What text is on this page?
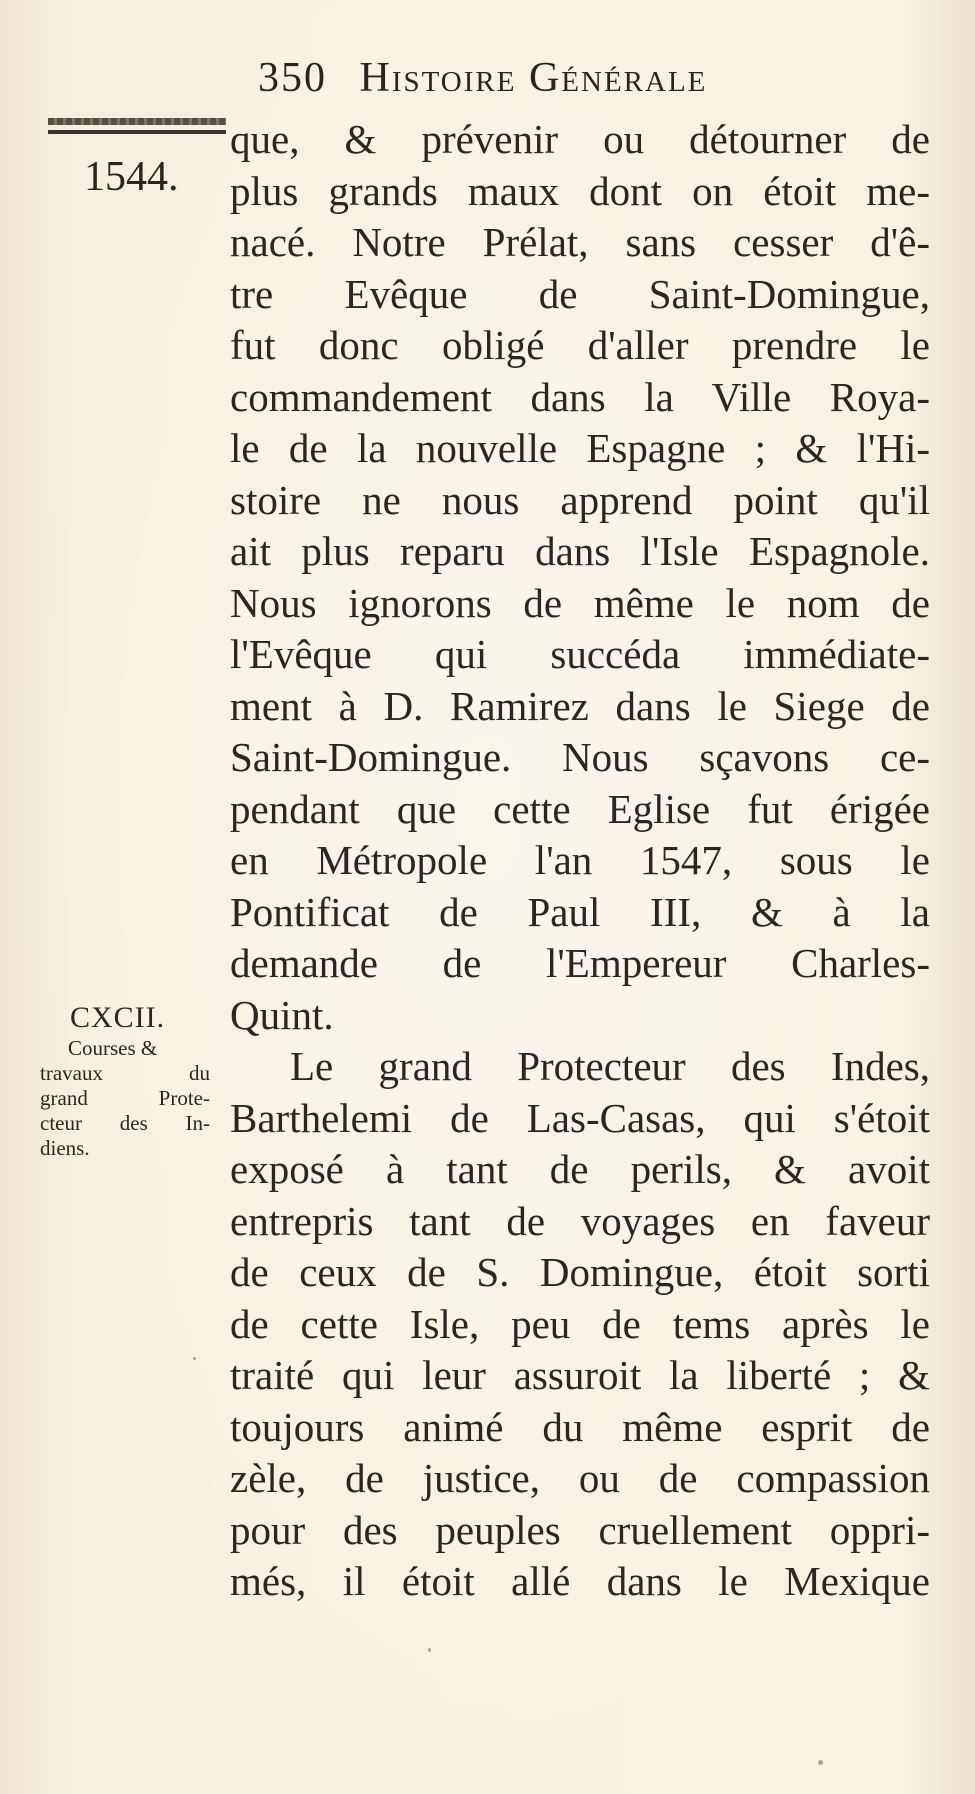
350 Histoire Générale
1544.
que, & prévenir ou détourner de
plus grands maux dont on étoit me-
nacé. Notre Prélat, sans cesser d'ê-
tre Evêque de Saint-Domingue,
fut donc obligé d'aller prendre le
commandement dans la Ville Roya-
le de la nouvelle Espagne ; & l'Hi-
stoire ne nous apprend point qu'il
ait plus reparu dans l'Isle Espagnole.
Nous ignorons de même le nom de
l'Evêque qui succéda immédiate-
ment à D. Ramirez dans le Siege de
Saint-Domingue. Nous sçavons ce-
pendant que cette Eglise fut érigée
en Métropole l'an 1547, sous le
Pontificat de Paul III, & à la
demande de l'Empereur Charles-
Quint.
Le grand Protecteur des Indes,
Barthelemi de Las-Casas, qui s'étoit
exposé à tant de perils, & avoit
entrepris tant de voyages en faveur
de ceux de S. Domingue, étoit sorti
de cette Isle, peu de tems après le
traité qui leur assuroit la liberté ; &
toujours animé du même esprit de
zèle, de justice, ou de compassion
pour des peuples cruellement oppri-
més, il étoit allé dans le Mexique
CXCII.
Courses &
travaux du
grand Prote-
cteur des In-
diens.
